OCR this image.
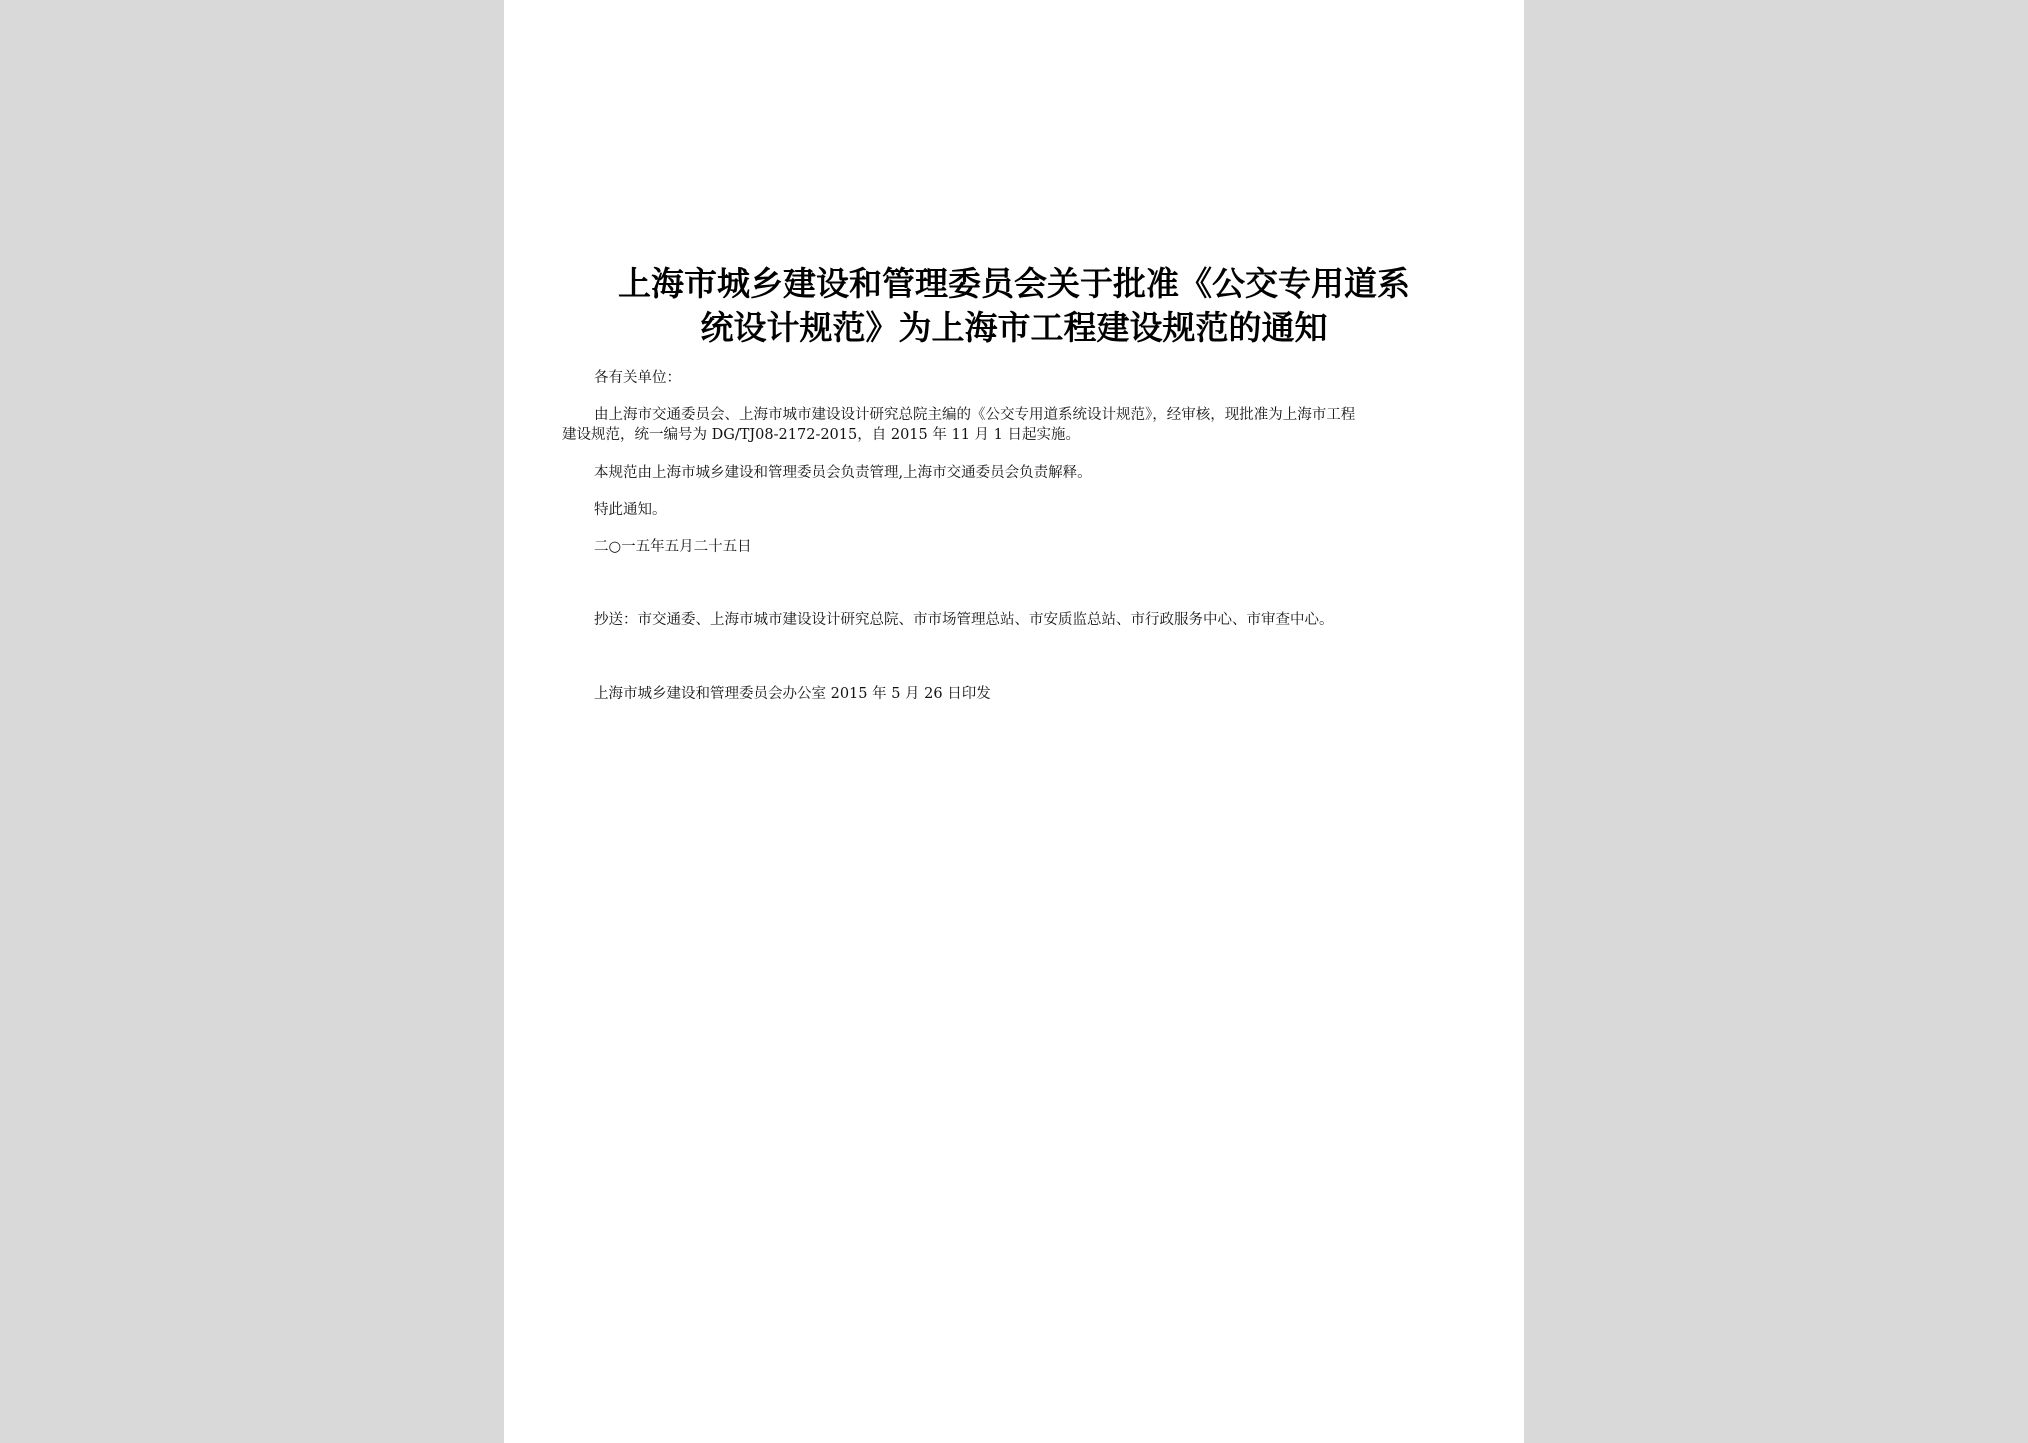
上海市城乡建设和管理委员会关于批准《公交专用道系
统设计规范》为上海市工程建设规范的通知
各有关单位：
由上海市交通委员会、上海市城市建设设计研究总院主编的《公交专用道系统设计规范》，经审核，现批准为上海市工程
建设规范，统一编号为 DG/TJ08-2172-2015，自 2015 年 11 月 1 日起实施。
本规范由上海市城乡建设和管理委员会负责管理,上海市交通委员会负责解释。
特此通知。
二○一五年五月二十五日
抄送：市交通委、上海市城市建设设计研究总院、市市场管理总站、市安质监总站、市行政服务中心、市审查中心。
上海市城乡建设和管理委员会办公室 2015 年 5 月 26 日印发
